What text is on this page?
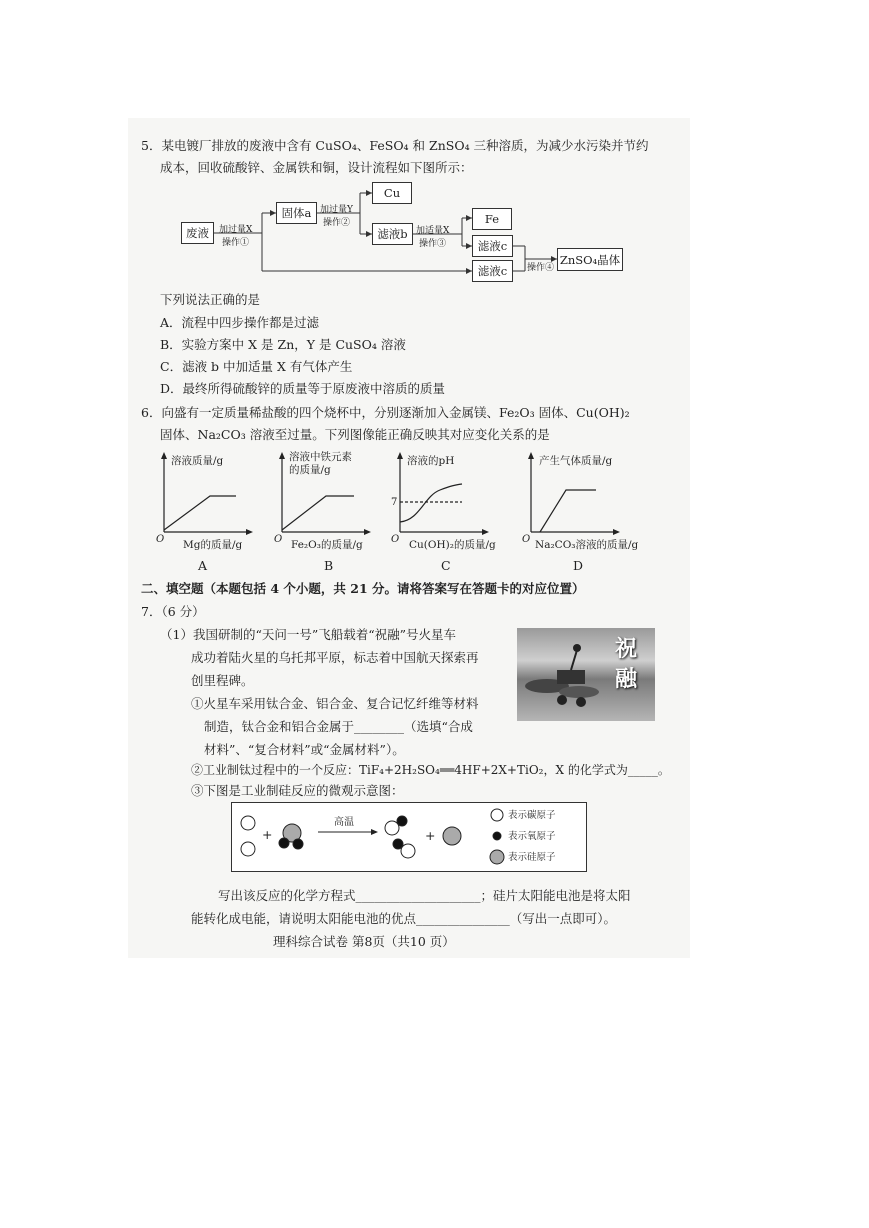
5．某电镀厂排放的废液中含有 CuSO₄、FeSO₄ 和 ZnSO₄ 三种溶质，为减少水污染并节约
成本，回收硫酸锌、金属铁和铜，设计流程如下图所示：
废液
固体a
Cu
滤液b
Fe
滤液c
滤液c
ZnSO₄晶体
加过量X
操作①
加过量Y
操作②
加适量X
操作③
操作④
下列说法正确的是
A．流程中四步操作都是过滤
B．实验方案中 X 是 Zn，Y 是 CuSO₄ 溶液
C．滤液 b 中加适量 X 有气体产生
D．最终所得硫酸锌的质量等于原废液中溶质的质量
6．向盛有一定质量稀盐酸的四个烧杯中，分别逐渐加入金属镁、Fe₂O₃ 固体、Cu(OH)₂
固体、Na₂CO₃ 溶液至过量。下列图像能正确反映其对应变化关系的是
溶液质量/g
Mg的质量/g
O
A
溶液中铁元素
的质量/g
Fe₂O₃的质量/g
O
B
溶液的pH
Cu(OH)₂的质量/g
O
7
C
产生气体质量/g
Na₂CO₃溶液的质量/g
O
D
二、填空题（本题包括 4 个小题，共 21 分。请将答案写在答题卡的对应位置）
7．（6 分）
（1）我国研制的“天问一号”飞船载着“祝融”号火星车
成功着陆火星的乌托邦平原，标志着中国航天探索再
创里程碑。
①火星车采用钛合金、铝合金、复合记忆纤维等材料
制造，钛合金和铝合金属于________（选填“合成
材料”、“复合材料”或“金属材料”）。
②工业制钛过程中的一个反应：TiF₄+2H₂SO₄══4HF+2X+TiO₂，X 的化学式为_____。
③下图是工业制硅反应的微观示意图：
祝融
+	+
高温
表示碳原子
表示氧原子
表示硅原子
写出该反应的化学方程式____________________；硅片太阳能电池是将太阳
能转化成电能，请说明太阳能电池的优点_______________（写出一点即可）。
理科综合试卷 第8页（共10 页）
